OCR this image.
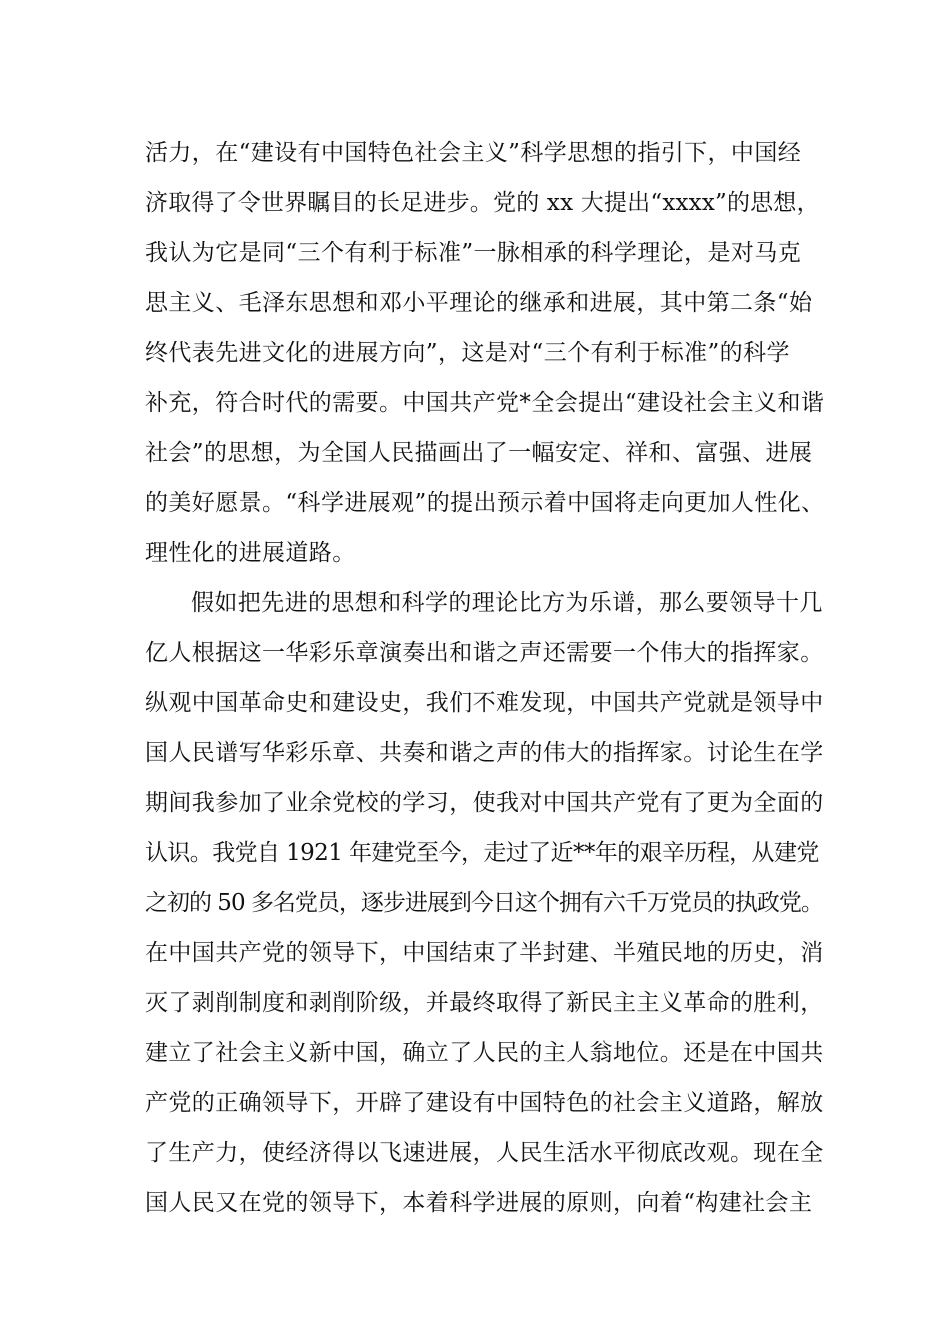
活力，在“建设有中国特色社会主义”科学思想的指引下，中国经
济取得了令世界瞩目的长足进步。党的 xx 大提出“xxxx”的思想，
我认为它是同“三个有利于标准”一脉相承的科学理论，是对马克
思主义、毛泽东思想和邓小平理论的继承和进展，其中第二条“始
终代表先进文化的进展方向”，这是对“三个有利于标准”的科学
补充，符合时代的需要。中国共产党*全会提出“建设社会主义和谐
社会”的思想，为全国人民描画出了一幅安定、祥和、富强、进展
的美好愿景。“科学进展观”的提出预示着中国将走向更加人性化、
理性化的进展道路。
假如把先进的思想和科学的理论比方为乐谱，那么要领导十几
亿人根据这一华彩乐章演奏出和谐之声还需要一个伟大的指挥家。
纵观中国革命史和建设史，我们不难发现，中国共产党就是领导中
国人民谱写华彩乐章、共奏和谐之声的伟大的指挥家。讨论生在学
期间我参加了业余党校的学习，使我对中国共产党有了更为全面的
认识。我党自 1921 年建党至今，走过了近**年的艰辛历程，从建党
之初的 50 多名党员，逐步进展到今日这个拥有六千万党员的执政党。
在中国共产党的领导下，中国结束了半封建、半殖民地的历史，消
灭了剥削制度和剥削阶级，并最终取得了新民主主义革命的胜利，
建立了社会主义新中国，确立了人民的主人翁地位。还是在中国共
产党的正确领导下，开辟了建设有中国特色的社会主义道路，解放
了生产力，使经济得以飞速进展，人民生活水平彻底改观。现在全
国人民又在党的领导下，本着科学进展的原则，向着“构建社会主
